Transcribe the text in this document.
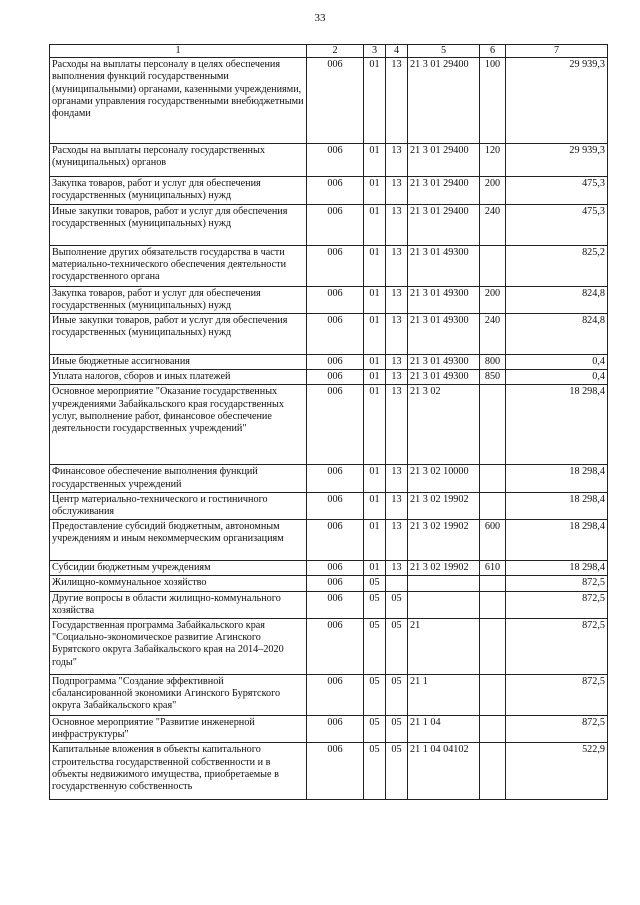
33
1	2	3	4	5	6	7
Расходы на выплаты персоналу в целях обеспечения выполнения функций государственными (муниципальными) органами, казенными учреждениями, органами управления государственными внебюджетными фондами	006	01	13	21 3 01 29400	100	29 939,3
Расходы на выплаты персоналу государственных (муниципальных) органов	006	01	13	21 3 01 29400	120	29 939,3
Закупка товаров, работ и услуг для обеспечения государственных (муниципальных) нужд	006	01	13	21 3 01 29400	200	475,3
Иные закупки товаров, работ и услуг для обеспечения государственных (муниципальных) нужд	006	01	13	21 3 01 29400	240	475,3
Выполнение других обязательств государства в части материально-технического обеспечения деятельности государственного органа	006	01	13	21 3 01 49300		825,2
Закупка товаров, работ и услуг для обеспечения государственных (муниципальных) нужд	006	01	13	21 3 01 49300	200	824,8
Иные закупки товаров, работ и услуг для обеспечения государственных (муниципальных) нужд	006	01	13	21 3 01 49300	240	824,8
Иные бюджетные ассигнования	006	01	13	21 3 01 49300	800	0,4
Уплата налогов, сборов и иных платежей	006	01	13	21 3 01 49300	850	0,4
Основное мероприятие "Оказание государственных учреждениями Забайкальского края государственных услуг, выполнение работ, финансовое обеспечение деятельности государственных учреждений"	006	01	13	21 3 02		18 298,4
Финансовое обеспечение выполнения функций государственных учреждений	006	01	13	21 3 02 10000		18 298,4
Центр материально-технического и гостиничного обслуживания	006	01	13	21 3 02 19902		18 298,4
Предоставление субсидий бюджетным, автономным учреждениям и иным некоммерческим организациям	006	01	13	21 3 02 19902	600	18 298,4
Субсидии бюджетным учреждениям	006	01	13	21 3 02 19902	610	18 298,4
Жилищно-коммунальное хозяйство	006	05				872,5
Другие вопросы в области жилищно-коммунального хозяйства	006	05	05			872,5
Государственная программа Забайкальского края "Социально-экономическое развитие Агинского Бурятского округа Забайкальского края на 2014–2020 годы"	006	05	05	21		872,5
Подпрограмма "Создание эффективной сбалансированной экономики Агинского Бурятского округа Забайкальского края"	006	05	05	21 1		872,5
Основное мероприятие "Развитие инженерной инфраструктуры"	006	05	05	21 1 04		872,5
Капитальные вложения в объекты капитального строительства государственной собственности и в объекты недвижимого имущества, приобретаемые в государственную собственность	006	05	05	21 1 04 04102		522,9
